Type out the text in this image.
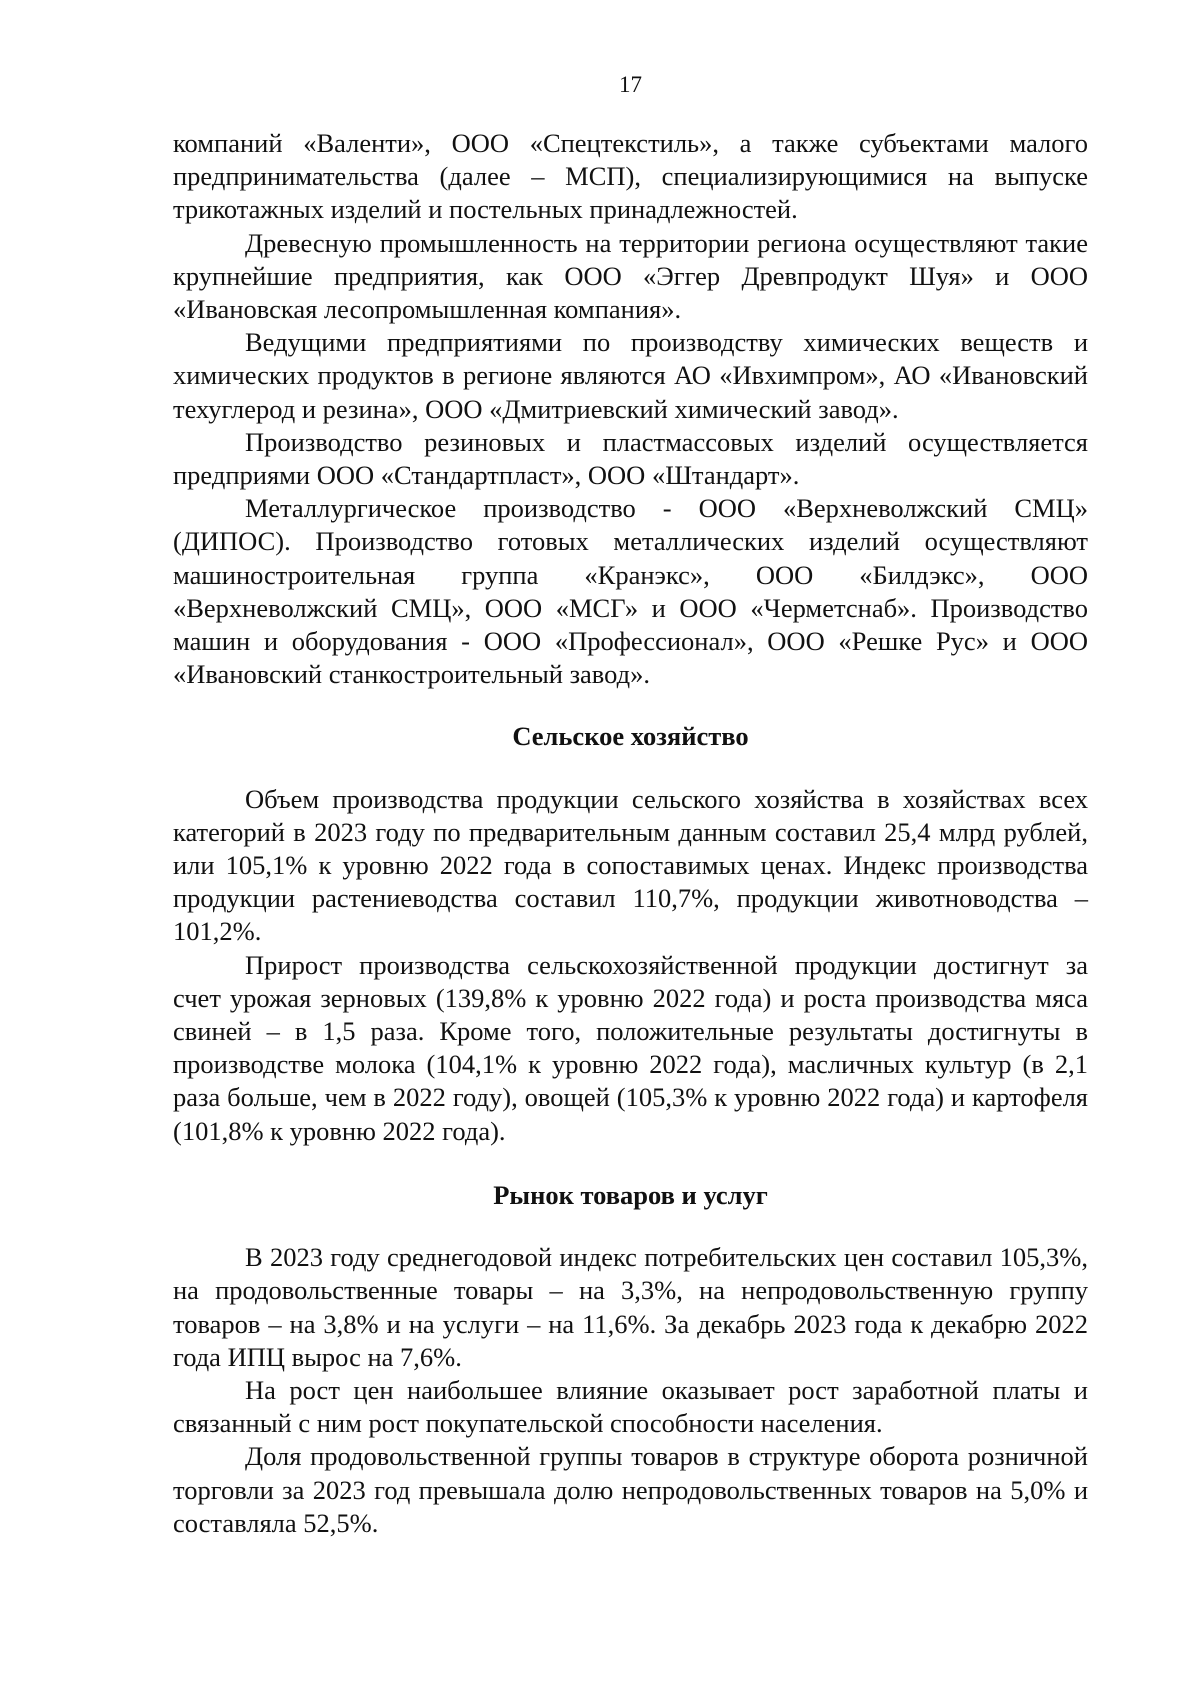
17

компаний «Валенти», ООО «Спецтекстиль», а также субъектами малого предпринимательства (далее – МСП), специализирующимися на выпуске трикотажных изделий и постельных принадлежностей.

Древесную промышленность на территории региона осуществляют такие крупнейшие предприятия, как ООО «Эггер Древпродукт Шуя» и ООО «Ивановская лесопромышленная компания».

Ведущими предприятиями по производству химических веществ и химических продуктов в регионе являются АО «Ивхимпром», АО «Ивановский техуглерод и резина», ООО «Дмитриевский химический завод».

Производство резиновых и пластмассовых изделий осуществляется предприями ООО «Стандартпласт», ООО «Штандарт».

Металлургическое производство - ООО «Верхневолжский СМЦ» (ДИПОС). Производство готовых металлических изделий осуществляют машиностроительная группа «Кранэкс», ООО «Билдэкс», ООО «Верхневолжский СМЦ», ООО «МСГ» и ООО «Черметснаб». Производство машин и оборудования - ООО «Профессионал», ООО «Решке Рус» и ООО «Ивановский станкостроительный завод».

Сельское хозяйство

Объем производства продукции сельского хозяйства в хозяйствах всех категорий в 2023 году по предварительным данным составил 25,4 млрд рублей, или 105,1% к уровню 2022 года в сопоставимых ценах. Индекс производства продукции растениеводства составил 110,7%, продукции животноводства – 101,2%.

Прирост производства сельскохозяйственной продукции достигнут за счет урожая зерновых (139,8% к уровню 2022 года) и роста производства мяса свиней – в 1,5 раза. Кроме того, положительные результаты достигнуты в производстве молока (104,1% к уровню 2022 года), масличных культур (в 2,1 раза больше, чем в 2022 году), овощей (105,3% к уровню 2022 года) и картофеля (101,8% к уровню 2022 года).

Рынок товаров и услуг

В 2023 году среднегодовой индекс потребительских цен составил 105,3%, на продовольственные товары – на 3,3%, на непродовольственную группу товаров – на 3,8% и на услуги – на 11,6%. За декабрь 2023 года к декабрю 2022 года ИПЦ вырос на 7,6%.

На рост цен наибольшее влияние оказывает рост заработной платы и связанный с ним рост покупательской способности населения.

Доля продовольственной группы товаров в структуре оборота розничной торговли за 2023 год превышала долю непродовольственных товаров на 5,0% и составляла 52,5%.
